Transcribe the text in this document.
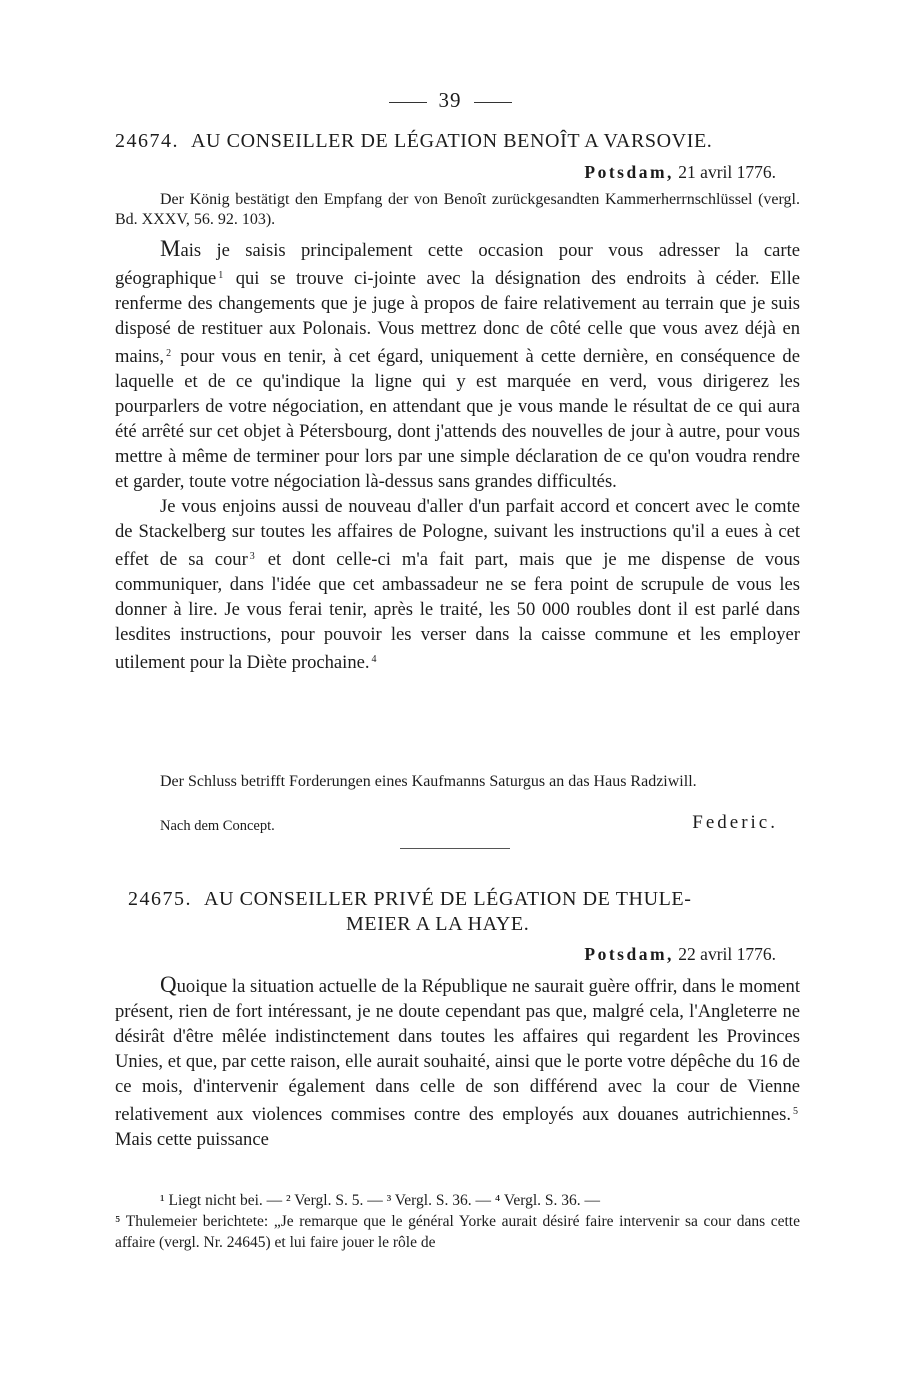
39
24674. AU CONSEILLER DE LÉGATION BENOÎT A VARSOVIE.
Potsdam, 21 avril 1776.

Der König bestätigt den Empfang der von Benoît zurückgesandten Kammerherrnschlüssel (vergl. Bd. XXXV, 56. 92. 103).

Mais je saisis principalement cette occasion pour vous adresser la carte géographique $^1$ qui se trouve ci-jointe avec la désignation des endroits à céder. Elle renferme des changements que je juge à propos de faire relativement au terrain que je suis disposé de restituer aux Polonais. Vous mettrez donc de côté celle que vous avez déjà en mains, $^2$ pour vous en tenir, à cet égard, uniquement à cette dernière, en conséquence de laquelle et de ce qu'indique la ligne qui y est marquée en verd, vous dirigerez les pourparlers de votre négociation, en attendant que je vous mande le résultat de ce qui aura été arrêté sur cet objet à Pétersbourg, dont j'attends des nouvelles de jour à autre, pour vous mettre à même de terminer pour lors par une simple déclaration de ce qu'on voudra rendre et garder, toute votre négociation là-dessus sans grandes difficultés.

Je vous enjoins aussi de nouveau d'aller d'un parfait accord et concert avec le comte de Stackelberg sur toutes les affaires de Pologne, suivant les instructions qu'il a eues à cet effet de sa cour $^3$ et dont celle-ci m'a fait part, mais que je me dispense de vous communiquer, dans l'idée que cet ambassadeur ne se fera point de scrupule de vous les donner à lire. Je vous ferai tenir, après le traité, les 50 000 roubles dont il est parlé dans lesdites instructions, pour pouvoir les verser dans la caisse commune et les employer utilement pour la Diète prochaine. $^4$

Der Schluss betrifft Forderungen eines Kaufmanns Saturgus an das Haus Radziwill.

Nach dem Concept.	Federic.
24675. AU CONSEILLER PRIVÉ DE LÉGATION DE THULE-
MEIER A LA HAYE.
Potsdam, 22 avril 1776.

Quoique la situation actuelle de la République ne saurait guère offrir, dans le moment présent, rien de fort intéressant, je ne doute cependant pas que, malgré cela, l'Angleterre ne désirât d'être mêlée indistinctement dans toutes les affaires qui regardent les Provinces Unies, et que, par cette raison, elle aurait souhaité, ainsi que le porte votre dépêche du 16 de ce mois, d'intervenir également dans celle de son différend avec la cour de Vienne relativement aux violences commises contre des employés aux douanes autrichiennes. $^5$ Mais cette puissance

¹ Liegt nicht bei. — ² Vergl. S. 5. — ³ Vergl. S. 36. — ⁴ Vergl. S. 36. —

⁵ Thulemeier berichtete: „Je remarque que le général Yorke aurait désiré faire intervenir sa cour dans cette affaire (vergl. Nr. 24645) et lui faire jouer le rôle de
